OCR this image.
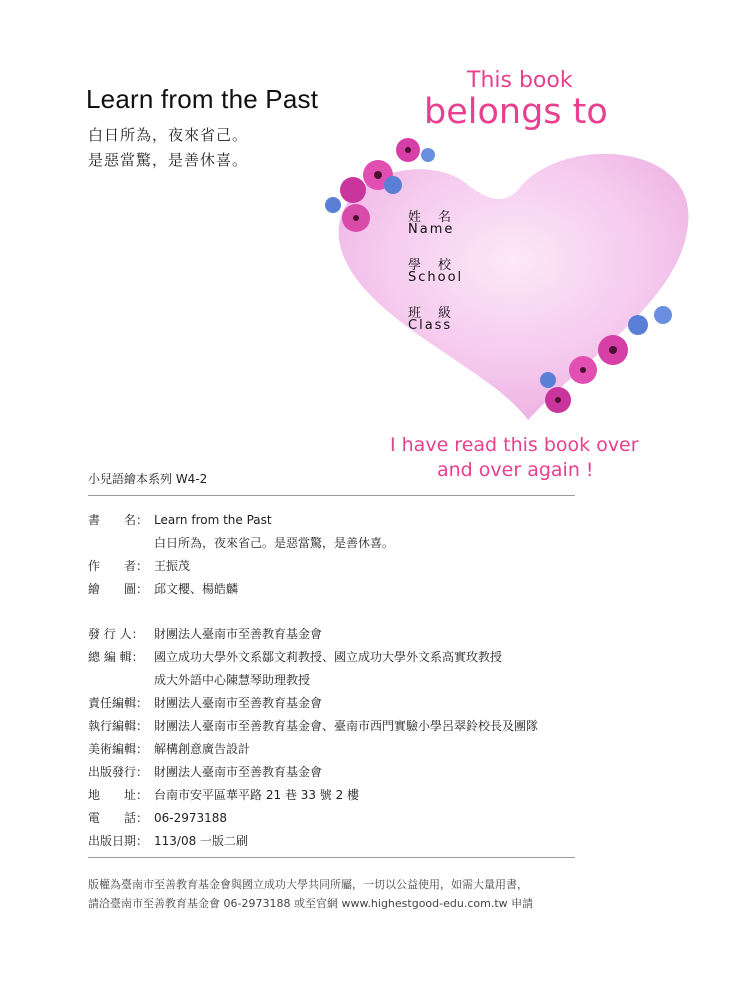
Learn from the Past
白日所為，夜來省己。
是惡當驚，是善休喜。
This book
belongs to
姓　名
Name
學　校
School
班　級
Class
I have read this book over
and over again !
小兒語繪本系列 W4-2
書　　名： Learn from the Past
白日所為，夜來省己。是惡當驚，是善休喜。
作　　者： 王振茂
繪　　圖： 邱文櫻、楊皓麟
發 行 人： 財團法人臺南市至善教育基金會
總 編 輯： 國立成功大學外文系鄒文莉教授、國立成功大學外文系高實玫教授
成大外語中心陳慧琴助理教授
責任編輯： 財團法人臺南市至善教育基金會
執行編輯： 財團法人臺南市至善教育基金會、臺南市西門實驗小學呂翠鈴校長及團隊
美術編輯： 解構創意廣告設計
出版發行： 財團法人臺南市至善教育基金會
地　　址： 台南市安平區華平路 21 巷 33 號 2 樓
電　　話： 06-2973188
出版日期： 113/08 一版二刷
版權為臺南市至善教育基金會與國立成功大學共同所屬，一切以公益使用，如需大量用書，
請洽臺南市至善教育基金會 06-2973188 或至官網 www.highestgood-edu.com.tw 申請
